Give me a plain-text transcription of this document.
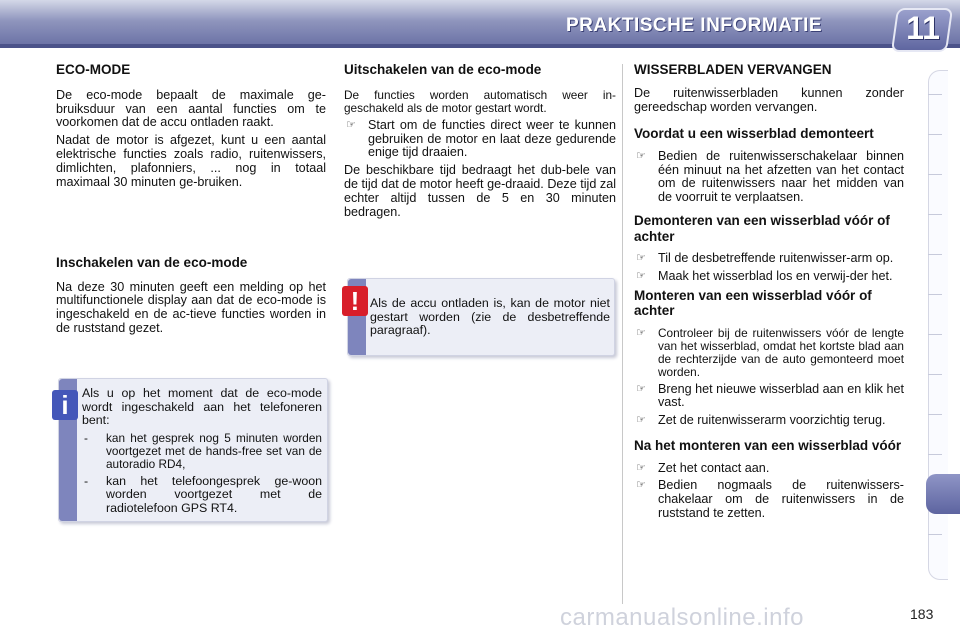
PRAKTISCHE INFORMATIE	11
ECO-MODE
De eco-mode bepaalt de maximale ge-bruiksduur van een aantal functies om te voorkomen dat de accu ontladen raakt.
Nadat de motor is afgezet, kunt u een aantal elektrische functies zoals radio, ruitenwissers, dimlichten, plafonniers, ... nog in totaal maximaal 30 minuten ge-bruiken.
Inschakelen van de eco-mode
Na deze 30 minuten geeft een melding op het multifunctionele display aan dat de eco-mode is ingeschakeld en de ac-tieve functies worden in de ruststand gezet.
i	Als u op het moment dat de eco-mode wordt ingeschakeld aan het telefoneren bent:
- kan het gesprek nog 5 minuten worden voortgezet met de hands-free set van de autoradio RD4,
- kan het telefoongesprek ge-woon worden voortgezet met de radiotelefoon GPS RT4.
Uitschakelen van de eco-mode
De functies worden automatisch weer in-geschakeld als de motor gestart wordt.
☞ Start om de functies direct weer te kunnen gebruiken de motor en laat deze gedurende enige tijd draaien.
De beschikbare tijd bedraagt het dub-bele van de tijd dat de motor heeft ge-draaid. Deze tijd zal echter altijd tussen de 5 en 30 minuten bedragen.
! Als de accu ontladen is, kan de motor niet gestart worden (zie de desbetreffende paragraaf).
WISSERBLADEN VERVANGEN
De ruitenwisserbladen kunnen zonder gereedschap worden vervangen.
Voordat u een wisserblad demonteert
☞ Bedien de ruitenwisserschakelaar binnen één minuut na het afzetten van het contact om de ruitenwissers naar het midden van de voorruit te verplaatsen.
Demonteren van een wisserblad vóór of achter
☞ Til de desbetreffende ruitenwisser-arm op.
☞ Maak het wisserblad los en verwij-der het.
Monteren van een wisserblad vóór of achter
☞ Controleer bij de ruitenwissers vóór de lengte van het wisserblad, omdat het kortste blad aan de rechterzijde van de auto gemonteerd moet worden.
☞ Breng het nieuwe wisserblad aan en klik het vast.
☞ Zet de ruitenwisserarm voorzichtig terug.
Na het monteren van een wisserblad vóór
☞ Zet het contact aan.
☞ Bedien nogmaals de ruitenwissers-chakelaar om de ruitenwissers in de ruststand te zetten.
carmanualsonline.info	183
